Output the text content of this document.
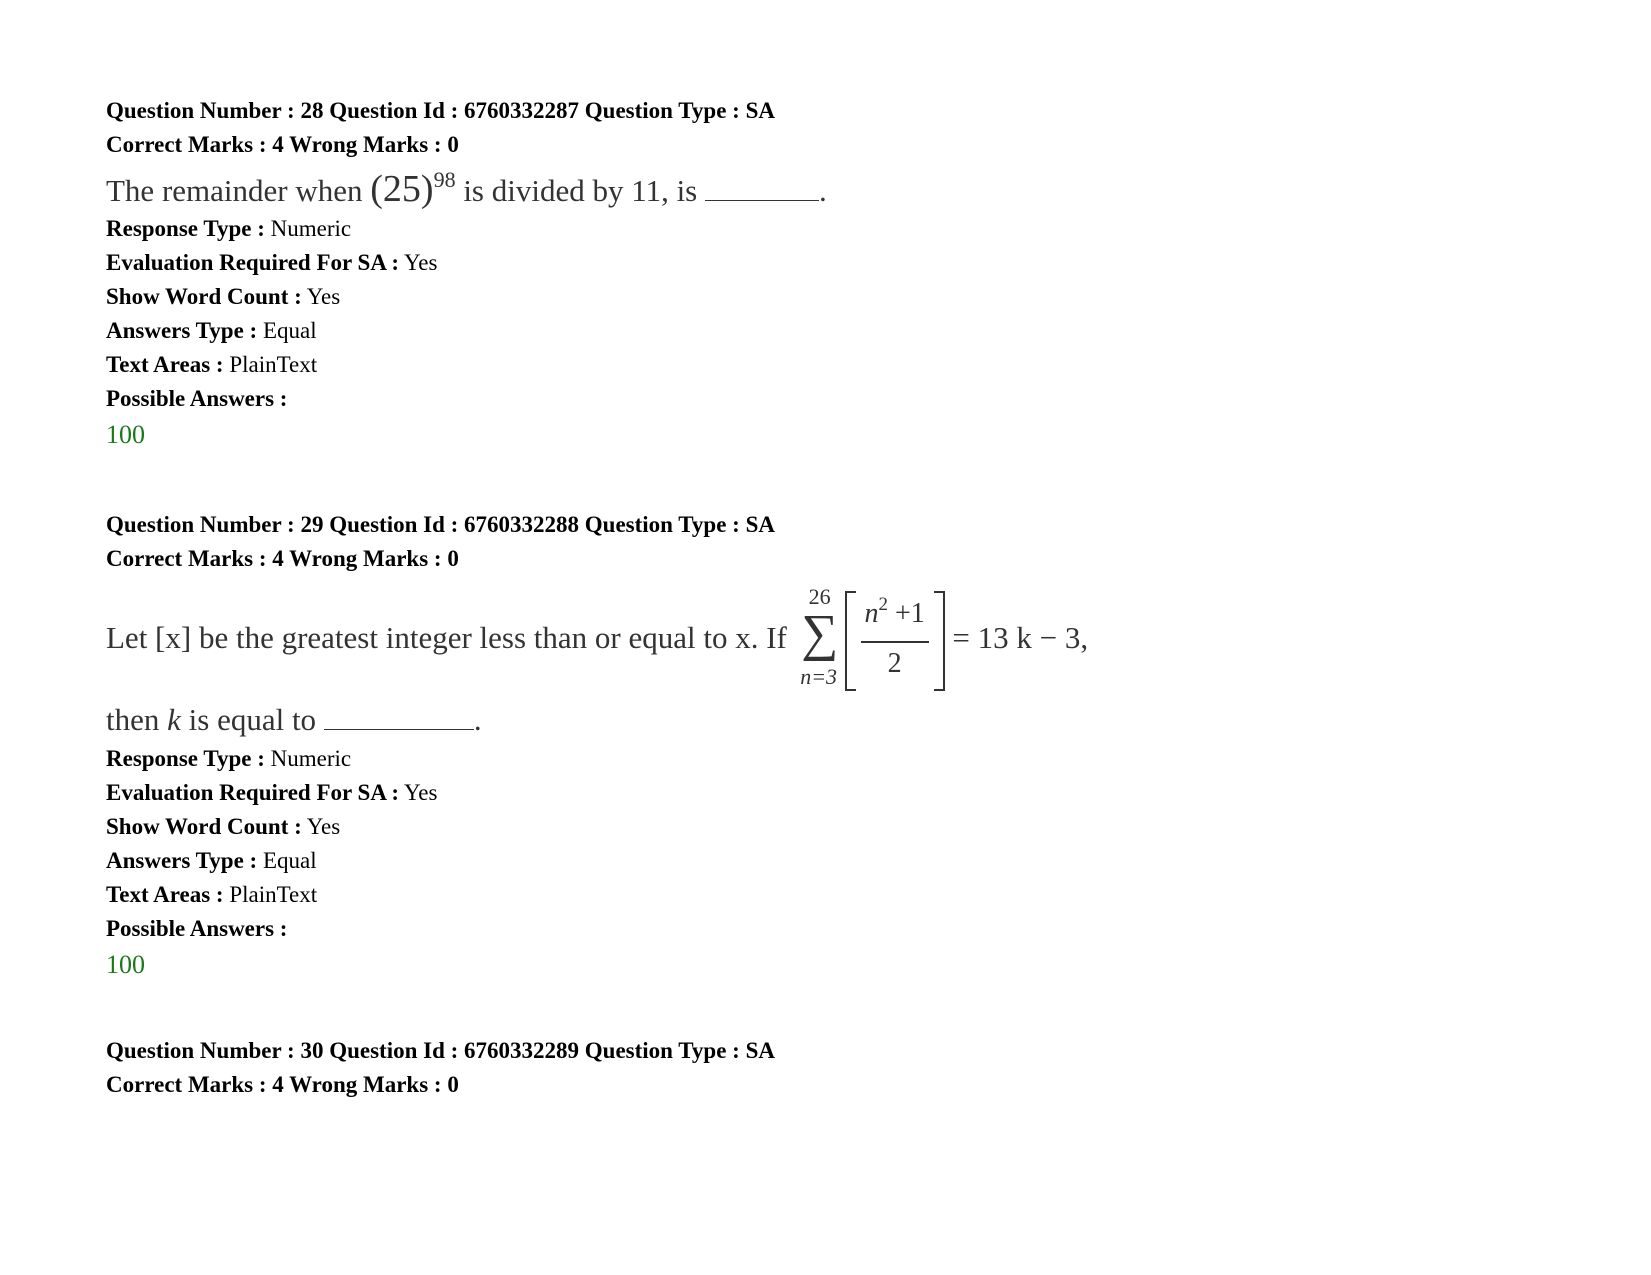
Question Number : 28 Question Id : 6760332287 Question Type : SA
Correct Marks : 4 Wrong Marks : 0
The remainder when $(25)^{98}$ is divided by 11, is	.
Response Type : Numeric
Evaluation Required For SA : Yes
Show Word Count : Yes
Answers Type : Equal
Text Areas : PlainText
Possible Answers :
100
Question Number : 29 Question Id : 6760332288 Question Type : SA
Correct Marks : 4 Wrong Marks : 0
Let [x] be the greatest integer less than or equal to x. If
26
∑
$n=3 \frac{n^2 +1}{2} = 13$ k − 3,
then k is equal to	.
Response Type : Numeric
Evaluation Required For SA : Yes
Show Word Count : Yes
Answers Type : Equal
Text Areas : PlainText
Possible Answers :
100
Question Number : 30 Question Id : 6760332289 Question Type : SA
Correct Marks : 4 Wrong Marks : 0
